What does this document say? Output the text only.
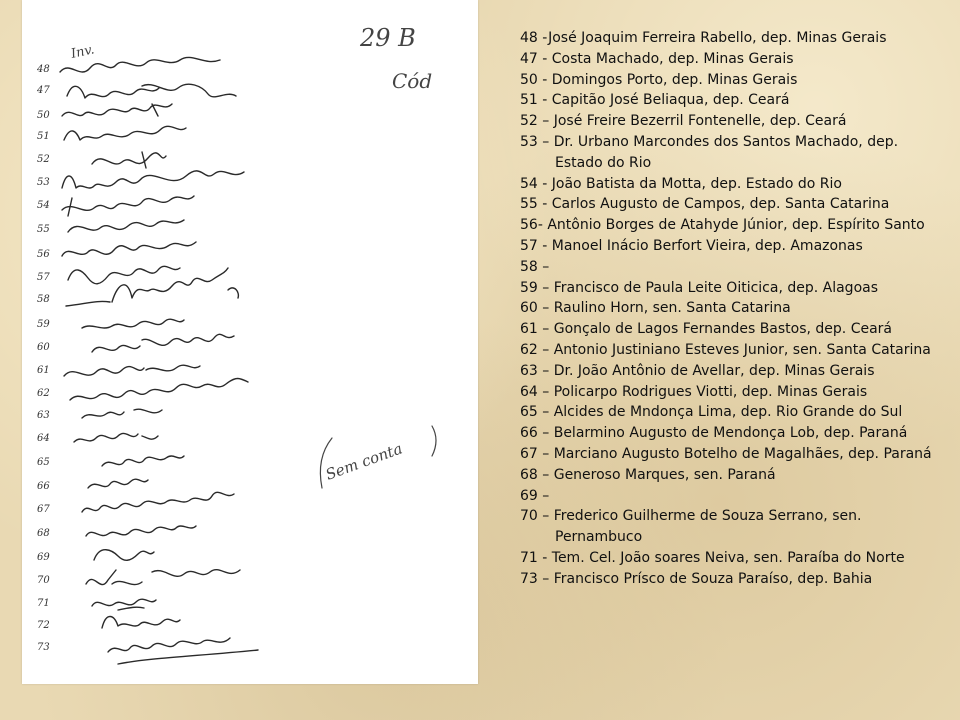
29 B
Cód
Inv.
Sem conta
48
47
50
51
52
53
54
55
56
57
58
59
60
61
62
63
64
65
66
67
68
69
70
71
72
73
48 -José Joaquim Ferreira Rabello, dep. Minas Gerais
47 - Costa Machado, dep. Minas Gerais
50 - Domingos Porto, dep. Minas Gerais
51 - Capitão José Beliaqua, dep. Ceará
52 – José Freire Bezerril Fontenelle, dep. Ceará
53 – Dr. Urbano Marcondes dos Santos Machado, dep. Estado do Rio
54 - João Batista da Motta, dep. Estado do Rio
55 - Carlos Augusto de Campos, dep. Santa Catarina
56- Antônio Borges de Atahyde Júnior, dep. Espírito Santo
57 - Manoel Inácio Berfort Vieira, dep. Amazonas
58 –
59 – Francisco de Paula Leite Oiticica, dep. Alagoas
60 – Raulino Horn, sen. Santa Catarina
61 – Gonçalo de Lagos Fernandes Bastos, dep. Ceará
62 – Antonio Justiniano Esteves Junior, sen. Santa Catarina
63 – Dr. João Antônio de Avellar, dep. Minas Gerais
64 – Policarpo Rodrigues Viotti, dep. Minas Gerais
65 – Alcides de Mndonça Lima, dep. Rio Grande do Sul
66 – Belarmino Augusto de Mendonça Lob, dep. Paraná
67 – Marciano Augusto Botelho de Magalhães, dep. Paraná
68 – Generoso Marques, sen. Paraná
69 –
70 – Frederico Guilherme de Souza Serrano, sen. Pernambuco
71 - Tem. Cel. João soares Neiva, sen. Paraíba do Norte
73 – Francisco Prísco de Souza Paraíso, dep. Bahia
